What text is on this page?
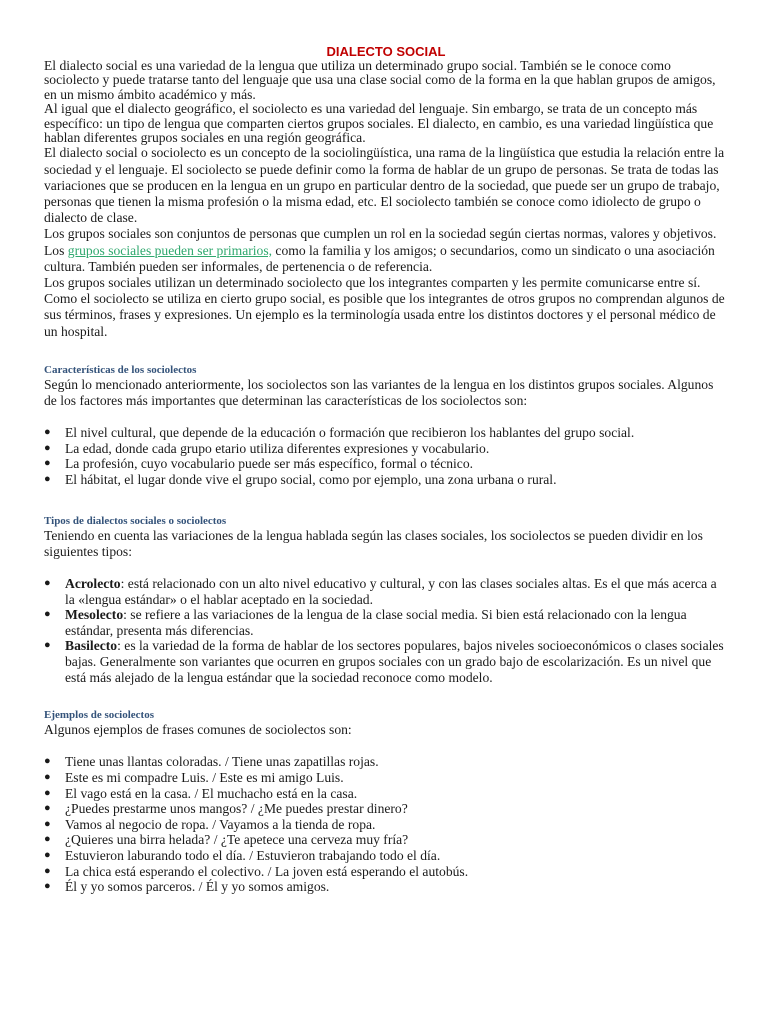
DIALECTO SOCIAL

El dialecto social es una variedad de la lengua que utiliza un determinado grupo social. También se le conoce como sociolecto y puede tratarse tanto del lenguaje que usa una clase social como de la forma en la que hablan grupos de amigos, en un mismo ámbito académico y más.

Al igual que el dialecto geográfico, el sociolecto es una variedad del lenguaje. Sin embargo, se trata de un concepto más específico: un tipo de lengua que comparten ciertos grupos sociales. El dialecto, en cambio, es una variedad lingüística que hablan diferentes grupos sociales en una región geográfica.

El dialecto social o sociolecto es un concepto de la sociolingüística, una rama de la lingüística que estudia la relación entre la sociedad y el lenguaje. El sociolecto se puede definir como la forma de hablar de un grupo de personas. Se trata de todas las variaciones que se producen en la lengua en un grupo en particular dentro de la sociedad, que puede ser un grupo de trabajo, personas que tienen la misma profesión o la misma edad, etc. El sociolecto también se conoce como idiolecto de grupo o dialecto de clase.

Los grupos sociales son conjuntos de personas que cumplen un rol en la sociedad según ciertas normas, valores y objetivos. Los grupos sociales pueden ser primarios, como la familia y los amigos; o secundarios, como un sindicato o una asociación cultura. También pueden ser informales, de pertenencia o de referencia.

Los grupos sociales utilizan un determinado sociolecto que los integrantes comparten y les permite comunicarse entre sí. Como el sociolecto se utiliza en cierto grupo social, es posible que los integrantes de otros grupos no comprendan algunos de sus términos, frases y expresiones. Un ejemplo es la terminología usada entre los distintos doctores y el personal médico de un hospital.

Características de los sociolectos

Según lo mencionado anteriormente, los sociolectos son las variantes de la lengua en los distintos grupos sociales. Algunos de los factores más importantes que determinan las características de los sociolectos son:

● El nivel cultural, que depende de la educación o formación que recibieron los hablantes del grupo social.
● La edad, donde cada grupo etario utiliza diferentes expresiones y vocabulario.
● La profesión, cuyo vocabulario puede ser más específico, formal o técnico.
● El hábitat, el lugar donde vive el grupo social, como por ejemplo, una zona urbana o rural.
Tipos de dialectos sociales o sociolectos

Teniendo en cuenta las variaciones de la lengua hablada según las clases sociales, los sociolectos se pueden dividir en los siguientes tipos:

● Acrolecto: está relacionado con un alto nivel educativo y cultural, y con las clases sociales altas. Es el que más acerca a la «lengua estándar» o el hablar aceptado en la sociedad.
● Mesolecto: se refiere a las variaciones de la lengua de la clase social media. Si bien está relacionado con la lengua estándar, presenta más diferencias.
● Basilecto: es la variedad de la forma de hablar de los sectores populares, bajos niveles socioeconómicos o clases sociales bajas. Generalmente son variantes que ocurren en grupos sociales con un grado bajo de escolarización. Es un nivel que está más alejado de la lengua estándar que la sociedad reconoce como modelo.
Ejemplos de sociolectos

Algunos ejemplos de frases comunes de sociolectos son:

● Tiene unas llantas coloradas. / Tiene unas zapatillas rojas.
● Este es mi compadre Luis. / Este es mi amigo Luis.
● El vago está en la casa. / El muchacho está en la casa.
● ¿Puedes prestarme unos mangos? / ¿Me puedes prestar dinero?
● Vamos al negocio de ropa. / Vayamos a la tienda de ropa.
● ¿Quieres una birra helada? / ¿Te apetece una cerveza muy fría?
● Estuvieron laburando todo el día. / Estuvieron trabajando todo el día.
● La chica está esperando el colectivo. / La joven está esperando el autobús.
● Él y yo somos parceros. / Él y yo somos amigos.
